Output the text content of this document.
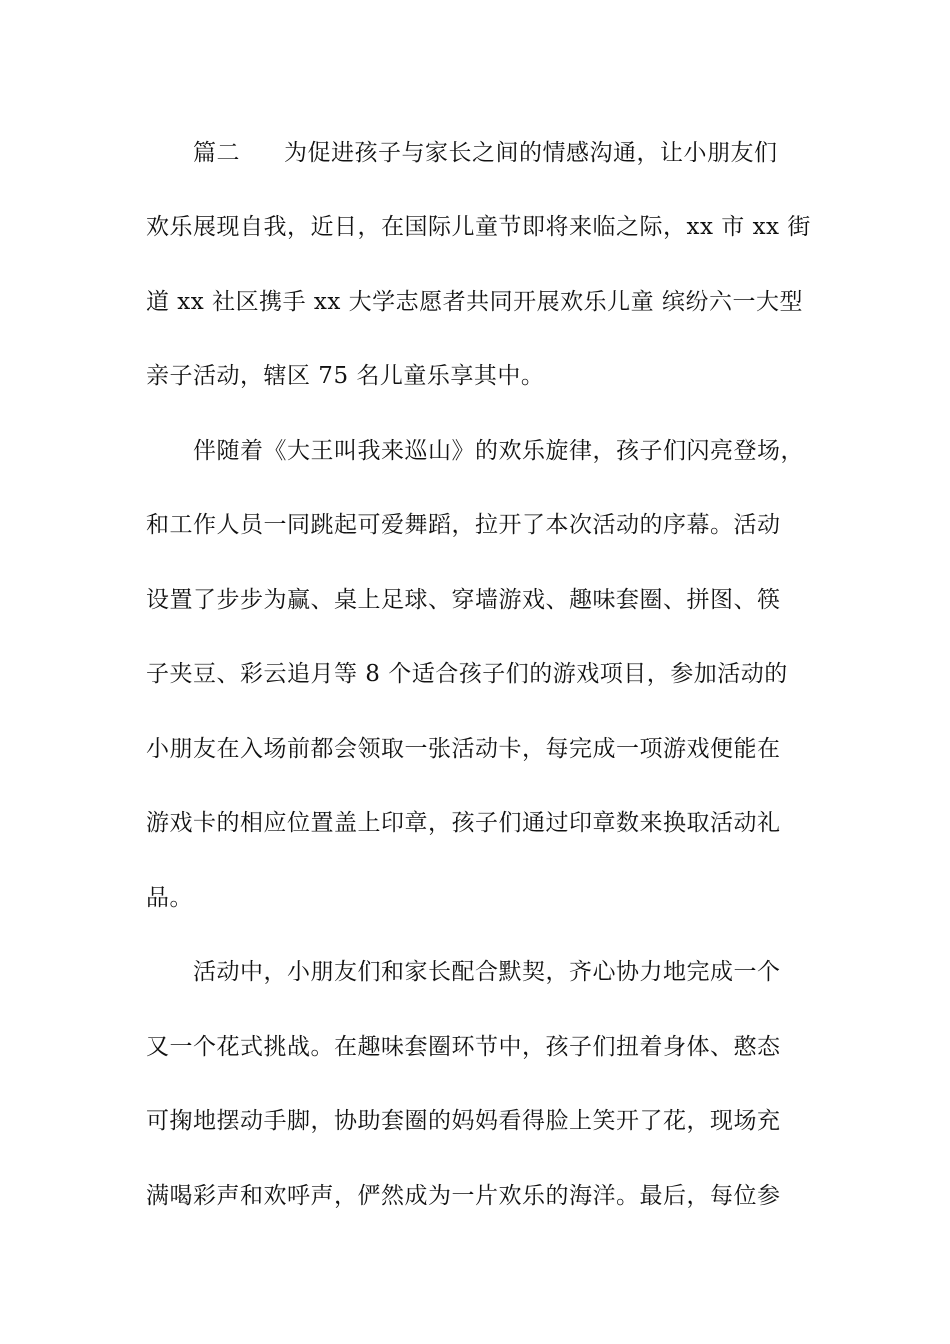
篇二 为促进孩子与家长之间的情感沟通，让小朋友们
欢乐展现自我，近日，在国际儿童节即将来临之际，xx 市 xx 街
道 xx 社区携手 xx 大学志愿者共同开展欢乐儿童 缤纷六一大型
亲子活动，辖区 75 名儿童乐享其中。
伴随着《大王叫我来巡山》的欢乐旋律，孩子们闪亮登场，
和工作人员一同跳起可爱舞蹈，拉开了本次活动的序幕。活动
设置了步步为赢、桌上足球、穿墙游戏、趣味套圈、拼图、筷
子夹豆、彩云追月等 8 个适合孩子们的游戏项目，参加活动的
小朋友在入场前都会领取一张活动卡，每完成一项游戏便能在
游戏卡的相应位置盖上印章，孩子们通过印章数来换取活动礼
品。
活动中，小朋友们和家长配合默契，齐心协力地完成一个
又一个花式挑战。在趣味套圈环节中，孩子们扭着身体、憨态
可掬地摆动手脚，协助套圈的妈妈看得脸上笑开了花，现场充
满喝彩声和欢呼声，俨然成为一片欢乐的海洋。最后，每位参
